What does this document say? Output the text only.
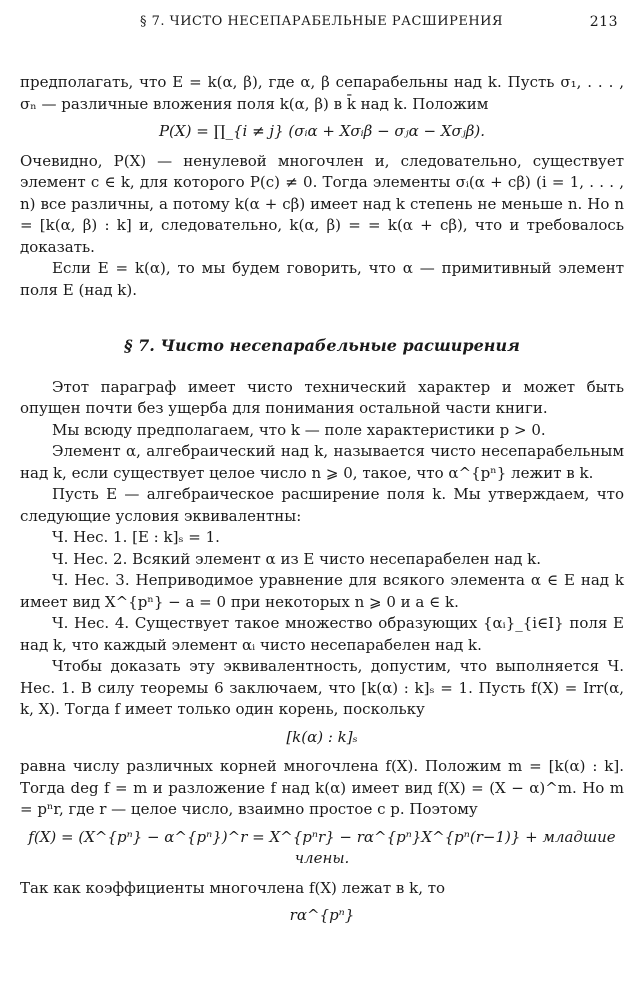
§ 7. ЧИСТО НЕСЕПАРАБЕЛЬНЫЕ РАСШИРЕНИЯ	213

предполагать, что E = k(α, β), где α, β сепарабельны над k. Пусть σ₁, . . . , σₙ — различные вложения поля k(α, β) в k̄ над k. Положим

P(X) = ∏_{i ≠ j} (σᵢα + Xσᵢβ − σⱼα − Xσⱼβ).

Очевидно, P(X) — ненулевой многочлен и, следовательно, существует элемент c ∈ k, для которого P(c) ≠ 0. Тогда элементы σᵢ(α + cβ) (i = 1, . . . , n) все различны, а потому k(α + cβ) имеет над k степень не меньше n. Но n = [k(α, β) : k] и, следовательно, k(α, β) = = k(α + cβ), что и требовалось доказать.

Если E = k(α), то мы будем говорить, что α — примитивный элемент поля E (над k).

§ 7. Чисто несепарабельные расширения

Этот параграф имеет чисто технический характер и может быть опущен почти без ущерба для понимания остальной части книги.

Мы всюду предполагаем, что k — поле характеристики p > 0.

Элемент α, алгебраический над k, называется чисто несепарабельным над k, если существует целое число n ⩾ 0, такое, что α^{pⁿ} лежит в k.

Пусть E — алгебраическое расширение поля k. Мы утверждаем, что следующие условия эквивалентны:

Ч. Нес. 1. [E : k]ₛ = 1.

Ч. Нес. 2. Всякий элемент α из E чисто несепарабелен над k.

Ч. Нес. 3. Неприводимое уравнение для всякого элемента α ∈ E над k имеет вид X^{pⁿ} − a = 0 при некоторых n ⩾ 0 и a ∈ k.

Ч. Нес. 4. Существует такое множество образующих {αᵢ}_{i∈I} поля E над k, что каждый элемент αᵢ чисто несепарабелен над k.

Чтобы доказать эту эквивалентность, допустим, что выполняется Ч. Нес. 1. В силу теоремы 6 заключаем, что [k(α) : k]ₛ = 1. Пусть f(X) = Irr(α, k, X). Тогда f имеет только один корень, поскольку

[k(α) : k]ₛ

равна числу различных корней многочлена f(X). Положим m = [k(α) : k]. Тогда deg f = m и разложение f над k(α) имеет вид f(X) = (X − α)^m. Но m = pⁿr, где r — целое число, взаимно простое с p. Поэтому

f(X) = (X^{pⁿ} − α^{pⁿ})^r = X^{pⁿr} − rα^{pⁿ}X^{pⁿ(r−1)} + младшие члены.

Так как коэффициенты многочлена f(X) лежат в k, то

rα^{pⁿ}
